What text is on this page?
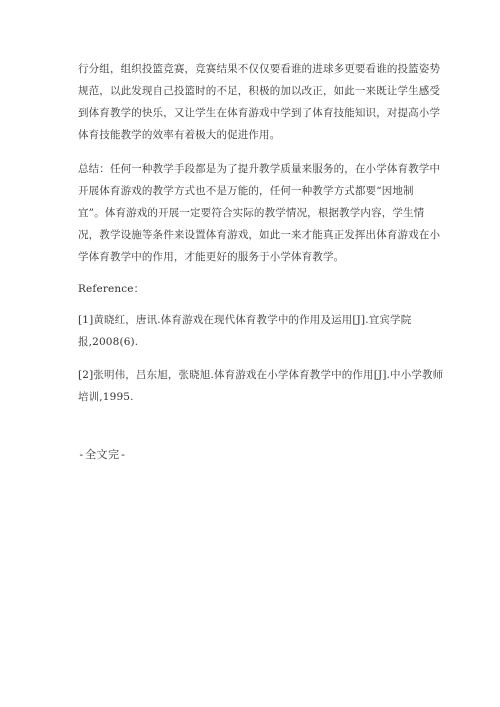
行分组，组织投篮竞赛，竞赛结果不仅仅要看谁的进球多更要看谁的投篮姿势
规范，以此发现自己投篮时的不足，积极的加以改正，如此一来既让学生感受
到体育教学的快乐，又让学生在体育游戏中学到了体育技能知识，对提高小学
体育技能教学的效率有着极大的促进作用。
总结：任何一种教学手段都是为了提升教学质量来服务的，在小学体育教学中
开展体育游戏的教学方式也不是万能的，任何一种教学方式都要“因地制
宜”。体育游戏的开展一定要符合实际的教学情况，根据教学内容，学生情
况，教学设施等条件来设置体育游戏，如此一来才能真正发挥出体育游戏在小
学体育教学中的作用，才能更好的服务于小学体育教学。
Reference：
[1]黄晓红，唐讯.体育游戏在现代体育教学中的作用及运用[J].宜宾学院
报,2008(6).
[2]张明伟，吕东旭，张晓旭.体育游戏在小学体育教学中的作用[J].中小学教师
培训,1995.
-全文完-
